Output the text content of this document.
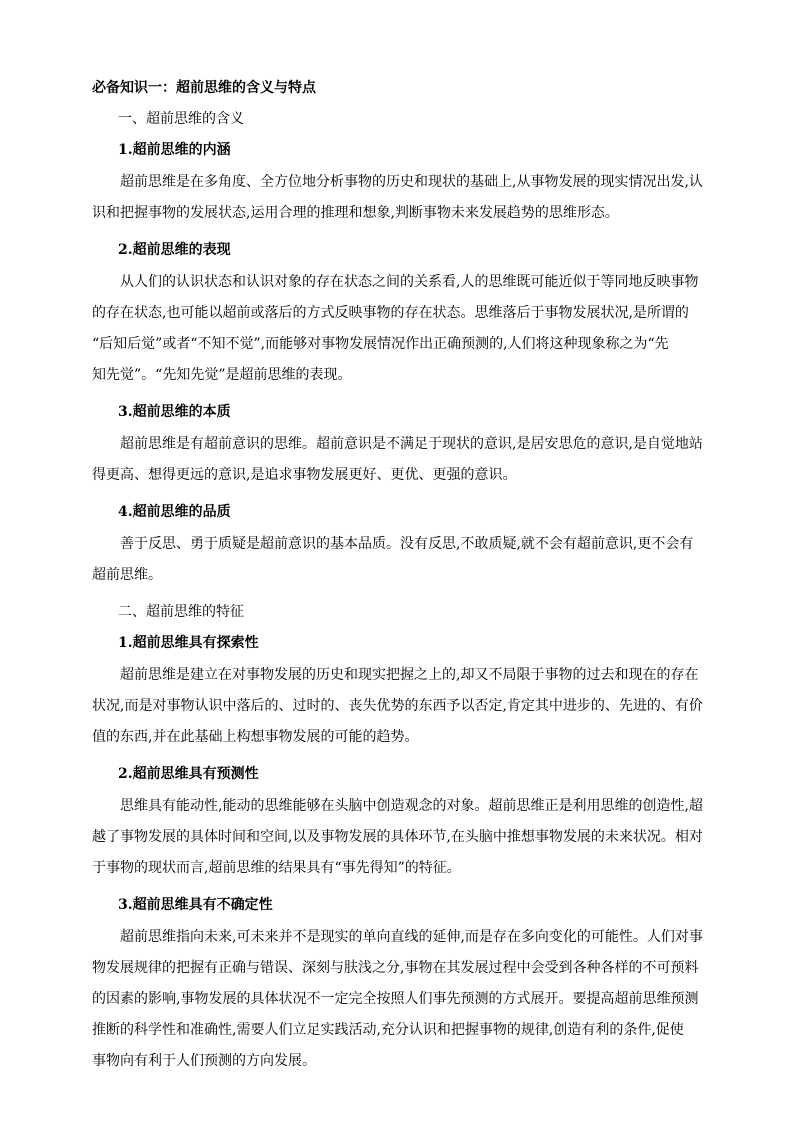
必备知识一：超前思维的含义与特点

一、超前思维的含义

1.超前思维的内涵

超前思维是在多角度、全方位地分析事物的历史和现状的基础上,从事物发展的现实情况出发,认
识和把握事物的发展状态,运用合理的推理和想象,判断事物未来发展趋势的思维形态。

2.超前思维的表现

从人们的认识状态和认识对象的存在状态之间的关系看,人的思维既可能近似于等同地反映事物
的存在状态,也可能以超前或落后的方式反映事物的存在状态。思维落后于事物发展状况,是所谓的
“后知后觉”或者“不知不觉”,而能够对事物发展情况作出正确预测的,人们将这种现象称之为“先
知先觉”。“先知先觉”是超前思维的表现。

3.超前思维的本质

超前思维是有超前意识的思维。超前意识是不满足于现状的意识,是居安思危的意识,是自觉地站
得更高、想得更远的意识,是追求事物发展更好、更优、更强的意识。

4.超前思维的品质

善于反思、勇于质疑是超前意识的基本品质。没有反思,不敢质疑,就不会有超前意识,更不会有
超前思维。

二、超前思维的特征

1.超前思维具有探索性

超前思维是建立在对事物发展的历史和现实把握之上的,却又不局限于事物的过去和现在的存在
状况,而是对事物认识中落后的、过时的、丧失优势的东西予以否定,肯定其中进步的、先进的、有价
值的东西,并在此基础上构想事物发展的可能的趋势。

2.超前思维具有预测性

思维具有能动性,能动的思维能够在头脑中创造观念的对象。超前思维正是利用思维的创造性,超
越了事物发展的具体时间和空间,以及事物发展的具体环节,在头脑中推想事物发展的未来状况。相对
于事物的现状而言,超前思维的结果具有“事先得知”的特征。

3.超前思维具有不确定性

超前思维指向未来,可未来并不是现实的单向直线的延伸,而是存在多向变化的可能性。人们对事
物发展规律的把握有正确与错误、深刻与肤浅之分,事物在其发展过程中会受到各种各样的不可预料
的因素的影响,事物发展的具体状况不一定完全按照人们事先预测的方式展开。要提高超前思维预测
推断的科学性和准确性,需要人们立足实践活动,充分认识和把握事物的规律,创造有利的条件,促使
事物向有利于人们预测的方向发展。
